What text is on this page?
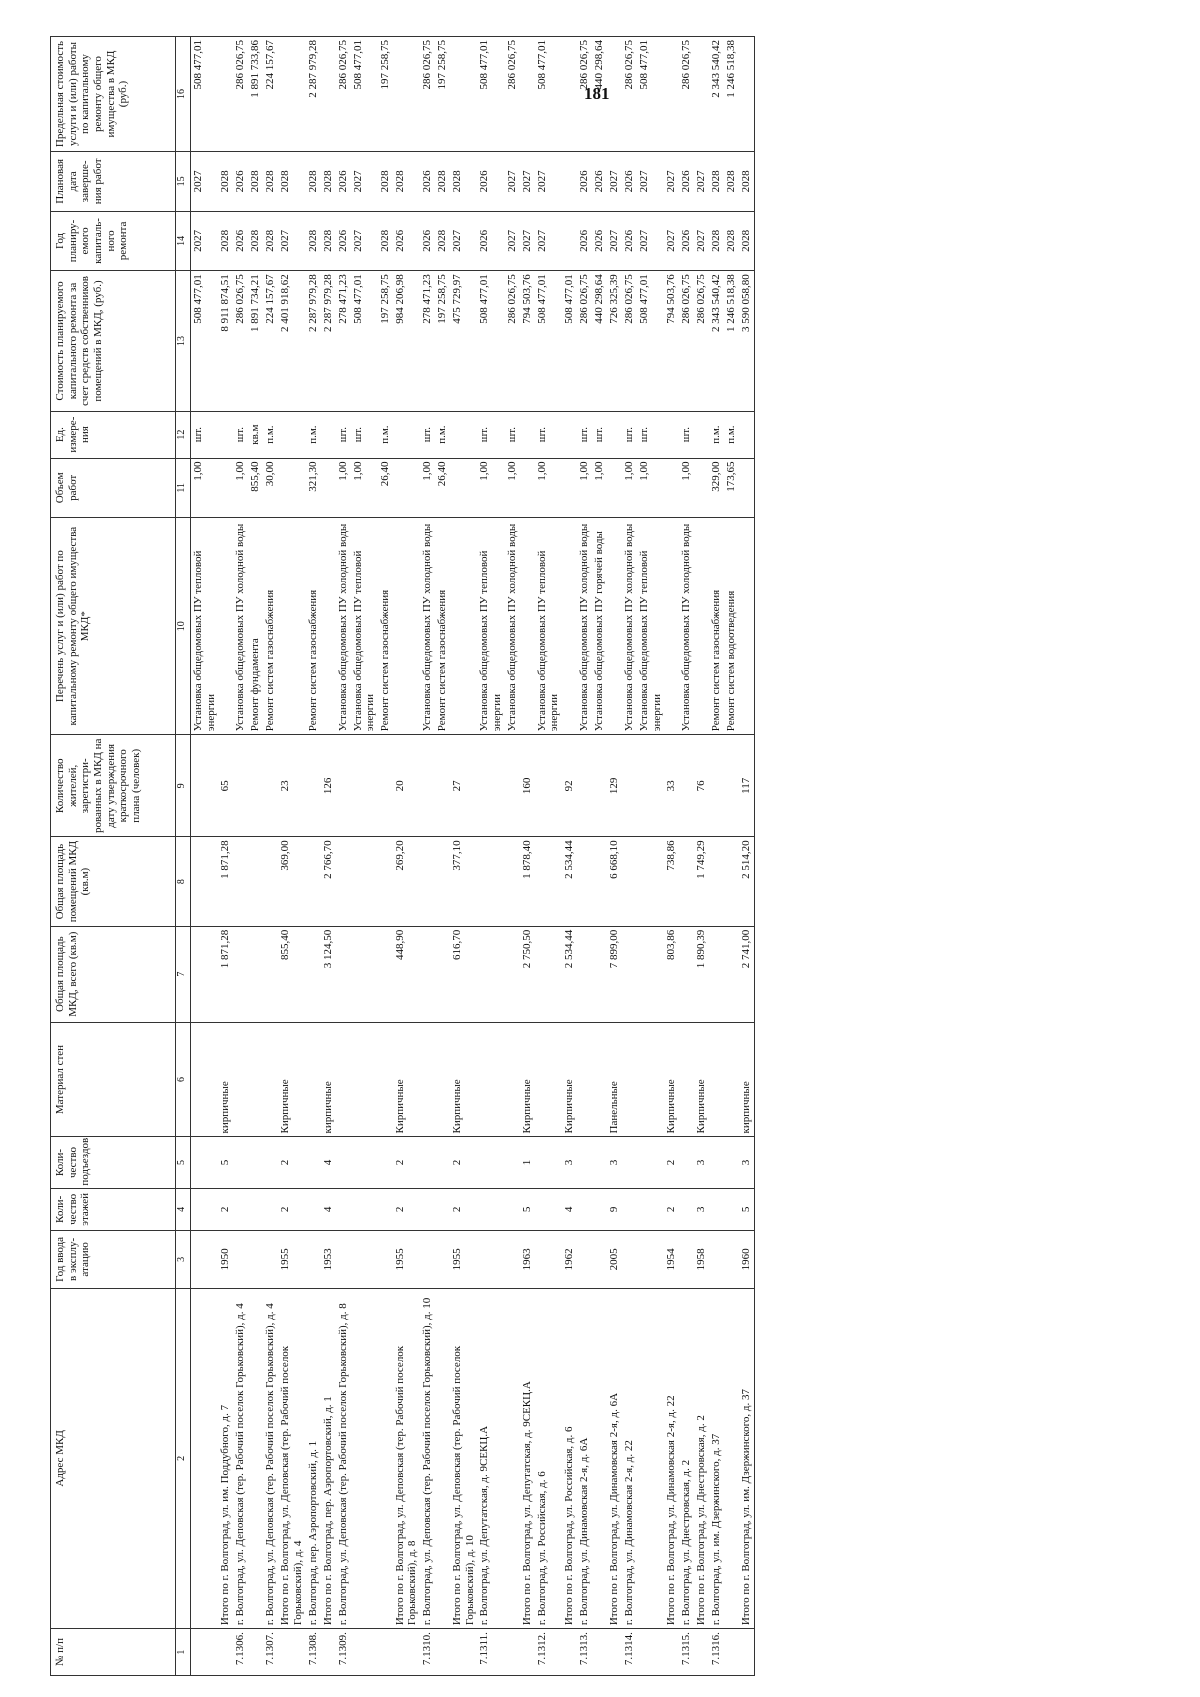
181
№ п/п	Адрес МКД	Год ввода в эксплу-атацию	Коли-чество этажей	Коли-чество подъездов	Материал стен	Общая площадь МКД, всего (кв.м)	Общая площадь помещений МКД (кв.м)	Количество жителей, зарегистри-рованных в МКД на дату утверждения краткосрочного плана (человек)	Перечень услуг и (или) работ по капитальному ремонту общего имущества МКД*	Объем работ	Ед. измере-ния	Стоимость планируемого капитального ремонта за счет средств собственников помещений в МКД, (руб.)	Год планиру-емого капиталь-ного ремонта	Плановая дата заверше-ния работ	Предельная стоимость услуги и (или) работы по капитальному ремонту общего имущества в МКД (руб.)
1	2	3	4	5	6	7	8	9	10	11	12	13	14	15	16
									Установка общедомовых ПУ тепловой энергии	1,00	шт.	508 477,01	2027	2027	508 477,01
	Итого по г. Волгоград, ул. им. Поддубного, д. 7	1950	2	5	кирпичные	1 871,28	1 871,28	65				8 911 874,51	2028	2028	
7.1306.	г. Волгоград, ул. Деповская (тер. Рабочий поселок Горьковский), д. 4								Установка общедомовых ПУ холодной воды	1,00	шт.	286 026,75	2026	2026	286 026,75
									Ремонт фундамента	855,40	кв.м	1 891 734,21	2028	2028	1 891 733,86
7.1307.	г. Волгоград, ул. Деповская (тер. Рабочий поселок Горьковский), д. 4								Ремонт систем газоснабжения	30,00	п.м.	224 157,67	2028	2028	224 157,67
	Итого по г. Волгоград, ул. Деповская (тер. Рабочий поселок Горьковский), д. 4	1955	2	2	Кирпичные	855,40	369,00	23				2 401 918,62	2027	2028	
7.1308.	г. Волгоград, пер. Аэропортовский, д. 1								Ремонт систем газоснабжения	321,30	п.м.	2 287 979,28	2028	2028	2 287 979,28
	Итого по г. Волгоград, пер. Аэропортовский, д. 1	1953	4	4	кирпичные	3 124,50	2 766,70	126				2 287 979,28	2028	2028	
7.1309.	г. Волгоград, ул. Деповская (тер. Рабочий поселок Горьковский), д. 8								Установка общедомовых ПУ холодной воды	1,00	шт.	278 471,23	2026	2026	286 026,75
									Установка общедомовых ПУ тепловой энергии	1,00	шт.	508 477,01	2027	2027	508 477,01
									Ремонт систем газоснабжения	26,40	п.м.	197 258,75	2028	2028	197 258,75
	Итого по г. Волгоград, ул. Деповская (тер. Рабочий поселок Горьковский), д. 8	1955	2	2	Кирпичные	448,90	269,20	20				984 206,98	2026	2028	
7.1310.	г. Волгоград, ул. Деповская (тер. Рабочий поселок Горьковский), д. 10								Установка общедомовых ПУ холодной воды	1,00	шт.	278 471,23	2026	2026	286 026,75
									Ремонт систем газоснабжения	26,40	п.м.	197 258,75	2028	2028	197 258,75
	Итого по г. Волгоград, ул. Деповская (тер. Рабочий поселок Горьковский), д. 10	1955	2	2	Кирпичные	616,70	377,10	27				475 729,97	2027	2028	
7.1311.	г. Волгоград, ул. Депутатская, д. 9СЕКЦ.А								Установка общедомовых ПУ тепловой энергии	1,00	шт.	508 477,01	2026	2026	508 477,01
									Установка общедомовых ПУ холодной воды	1,00	шт.	286 026,75	2027	2027	286 026,75
	Итого по г. Волгоград, ул. Депутатская, д. 9СЕКЦ.А	1963	5	1	Кирпичные	2 750,50	1 878,40	160				794 503,76	2027	2027	
7.1312.	г. Волгоград, ул. Российская, д. 6								Установка общедомовых ПУ тепловой энергии	1,00	шт.	508 477,01	2027	2027	508 477,01
	Итого по г. Волгоград, ул. Российская, д. 6	1962	4	3	Кирпичные	2 534,44	2 534,44	92				508 477,01			
7.1313.	г. Волгоград, ул. Динамовская 2-я, д. 6А								Установка общедомовых ПУ холодной воды	1,00	шт.	286 026,75	2026	2026	286 026,75
									Установка общедомовых ПУ горячей воды	1,00	шт.	440 298,64	2026	2026	440 298,64
	Итого по г. Волгоград, ул. Динамовская 2-я, д. 6А	2005	9	3	Панельные	7 899,00	6 668,10	129				726 325,39	2027	2027	
7.1314.	г. Волгоград, ул. Динамовская 2-я, д. 22								Установка общедомовых ПУ холодной воды	1,00	шт.	286 026,75	2026	2026	286 026,75
									Установка общедомовых ПУ тепловой энергии	1,00	шт.	508 477,01	2027	2027	508 477,01
	Итого по г. Волгоград, ул. Динамовская 2-я, д. 22	1954	2	2	Кирпичные	803,86	738,86	33				794 503,76	2027	2027	
7.1315.	г. Волгоград, ул. Днестровская, д. 2								Установка общедомовых ПУ холодной воды	1,00	шт.	286 026,75	2026	2026	286 026,75
	Итого по г. Волгоград, ул. Днестровская, д. 2	1958	3	3	Кирпичные	1 890,39	1 749,29	76				286 026,75	2027	2027	
7.1316.	г. Волгоград, ул. им. Дзержинского, д. 37								Ремонт систем газоснабжения	329,00	п.м.	2 343 540,42	2028	2028	2 343 540,42
									Ремонт систем водоотведения	173,65	п.м.	1 246 518,38	2028	2028	1 246 518,38
	Итого по г. Волгоград, ул. им. Дзержинского, д. 37	1960	5	3	кирпичные	2 741,00	2 514,20	117				3 590 058,80	2028	2028	
